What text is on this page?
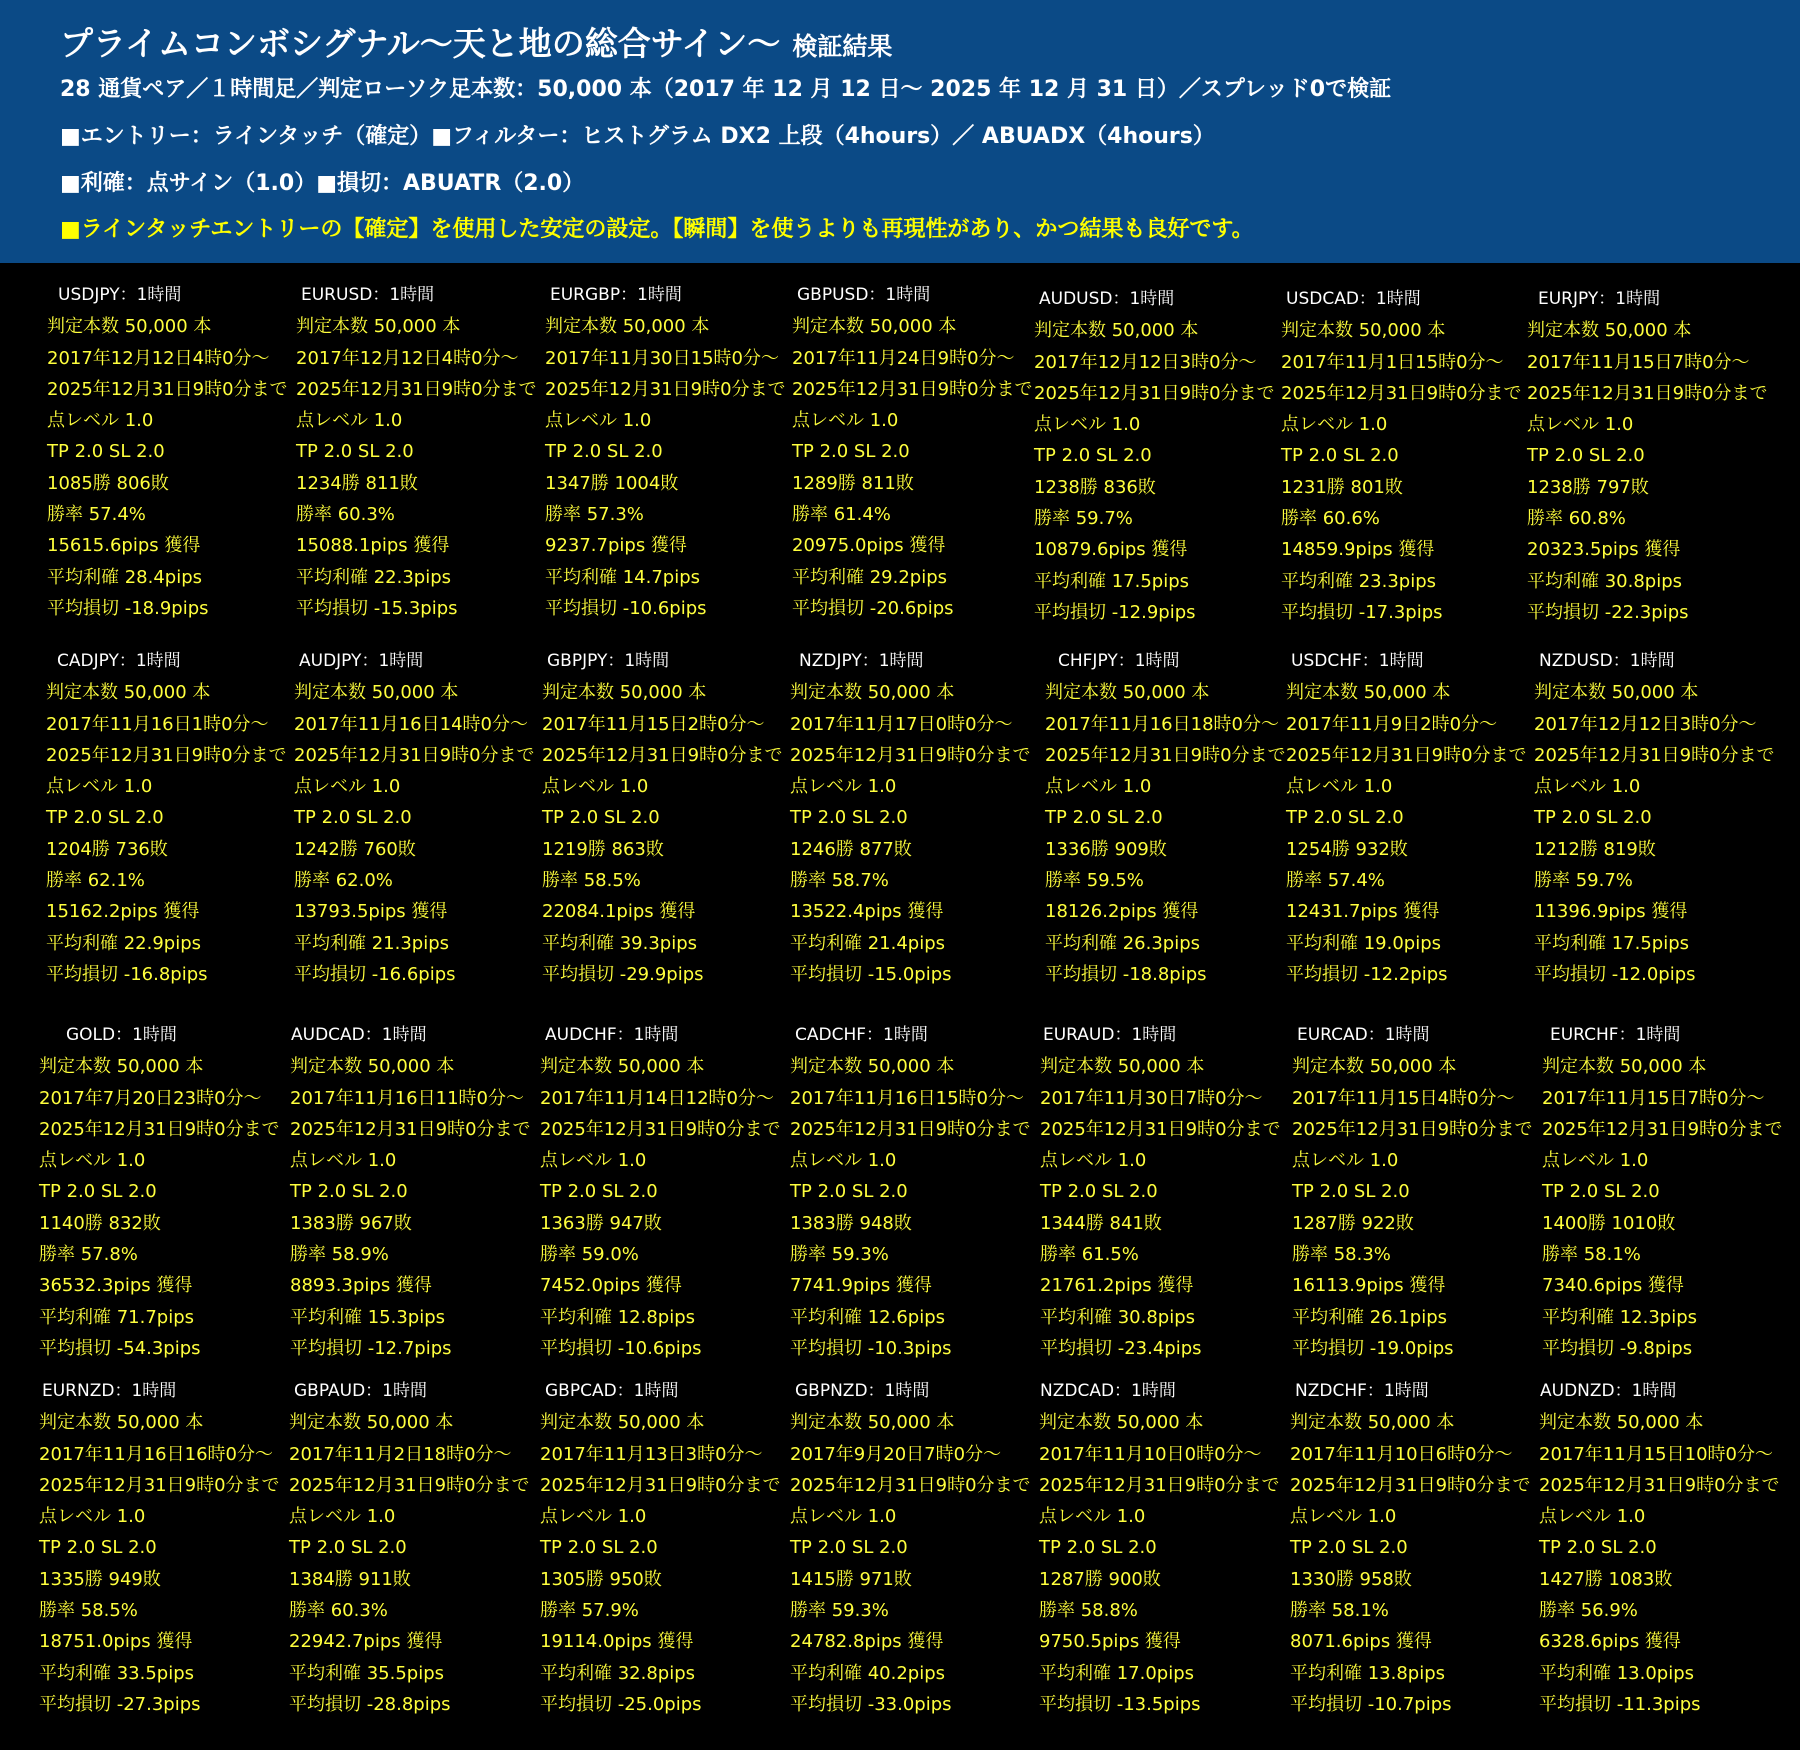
プライムコンボシグナル〜天と地の総合サイン〜 検証結果
28 通貨ペア／１時間足／判定ローソク足本数：50,000 本（2017 年 12 月 12 日〜 2025 年 12 月 31 日）／スプレッド0で検証
■エントリー：ラインタッチ（確定）■フィルター：ヒストグラム DX2 上段（4hours）／ ABUADX（4hours）
■利確：点サイン（1.0）■損切：ABUATR（2.0）
■ラインタッチエントリーの【確定】を使用した安定の設定。【瞬間】を使うよりも再現性があり、かつ結果も良好です。
USDJPY：1時間
判定本数 50,000 本
2017年12月12日4時0分〜
2025年12月31日9時0分まで
点レベル 1.0
TP 2.0 SL 2.0
1085勝 806敗
勝率 57.4%
15615.6pips 獲得
平均利確 28.4pips
平均損切 -18.9pips
EURUSD：1時間
判定本数 50,000 本
2017年12月12日4時0分〜
2025年12月31日9時0分まで
点レベル 1.0
TP 2.0 SL 2.0
1234勝 811敗
勝率 60.3%
15088.1pips 獲得
平均利確 22.3pips
平均損切 -15.3pips
EURGBP：1時間
判定本数 50,000 本
2017年11月30日15時0分〜
2025年12月31日9時0分まで
点レベル 1.0
TP 2.0 SL 2.0
1347勝 1004敗
勝率 57.3%
9237.7pips 獲得
平均利確 14.7pips
平均損切 -10.6pips
GBPUSD：1時間
判定本数 50,000 本
2017年11月24日9時0分〜
2025年12月31日9時0分まで
点レベル 1.0
TP 2.0 SL 2.0
1289勝 811敗
勝率 61.4%
20975.0pips 獲得
平均利確 29.2pips
平均損切 -20.6pips
AUDUSD：1時間
判定本数 50,000 本
2017年12月12日3時0分〜
2025年12月31日9時0分まで
点レベル 1.0
TP 2.0 SL 2.0
1238勝 836敗
勝率 59.7%
10879.6pips 獲得
平均利確 17.5pips
平均損切 -12.9pips
USDCAD：1時間
判定本数 50,000 本
2017年11月1日15時0分〜
2025年12月31日9時0分まで
点レベル 1.0
TP 2.0 SL 2.0
1231勝 801敗
勝率 60.6%
14859.9pips 獲得
平均利確 23.3pips
平均損切 -17.3pips
EURJPY：1時間
判定本数 50,000 本
2017年11月15日7時0分〜
2025年12月31日9時0分まで
点レベル 1.0
TP 2.0 SL 2.0
1238勝 797敗
勝率 60.8%
20323.5pips 獲得
平均利確 30.8pips
平均損切 -22.3pips
CADJPY：1時間
判定本数 50,000 本
2017年11月16日1時0分〜
2025年12月31日9時0分まで
点レベル 1.0
TP 2.0 SL 2.0
1204勝 736敗
勝率 62.1%
15162.2pips 獲得
平均利確 22.9pips
平均損切 -16.8pips
AUDJPY：1時間
判定本数 50,000 本
2017年11月16日14時0分〜
2025年12月31日9時0分まで
点レベル 1.0
TP 2.0 SL 2.0
1242勝 760敗
勝率 62.0%
13793.5pips 獲得
平均利確 21.3pips
平均損切 -16.6pips
GBPJPY：1時間
判定本数 50,000 本
2017年11月15日2時0分〜
2025年12月31日9時0分まで
点レベル 1.0
TP 2.0 SL 2.0
1219勝 863敗
勝率 58.5%
22084.1pips 獲得
平均利確 39.3pips
平均損切 -29.9pips
NZDJPY：1時間
判定本数 50,000 本
2017年11月17日0時0分〜
2025年12月31日9時0分まで
点レベル 1.0
TP 2.0 SL 2.0
1246勝 877敗
勝率 58.7%
13522.4pips 獲得
平均利確 21.4pips
平均損切 -15.0pips
CHFJPY：1時間
判定本数 50,000 本
2017年11月16日18時0分〜
2025年12月31日9時0分まで
点レベル 1.0
TP 2.0 SL 2.0
1336勝 909敗
勝率 59.5%
18126.2pips 獲得
平均利確 26.3pips
平均損切 -18.8pips
USDCHF：1時間
判定本数 50,000 本
2017年11月9日2時0分〜
2025年12月31日9時0分まで
点レベル 1.0
TP 2.0 SL 2.0
1254勝 932敗
勝率 57.4%
12431.7pips 獲得
平均利確 19.0pips
平均損切 -12.2pips
NZDUSD：1時間
判定本数 50,000 本
2017年12月12日3時0分〜
2025年12月31日9時0分まで
点レベル 1.0
TP 2.0 SL 2.0
1212勝 819敗
勝率 59.7%
11396.9pips 獲得
平均利確 17.5pips
平均損切 -12.0pips
GOLD：1時間
判定本数 50,000 本
2017年7月20日23時0分〜
2025年12月31日9時0分まで
点レベル 1.0
TP 2.0 SL 2.0
1140勝 832敗
勝率 57.8%
36532.3pips 獲得
平均利確 71.7pips
平均損切 -54.3pips
AUDCAD：1時間
判定本数 50,000 本
2017年11月16日11時0分〜
2025年12月31日9時0分まで
点レベル 1.0
TP 2.0 SL 2.0
1383勝 967敗
勝率 58.9%
8893.3pips 獲得
平均利確 15.3pips
平均損切 -12.7pips
AUDCHF：1時間
判定本数 50,000 本
2017年11月14日12時0分〜
2025年12月31日9時0分まで
点レベル 1.0
TP 2.0 SL 2.0
1363勝 947敗
勝率 59.0%
7452.0pips 獲得
平均利確 12.8pips
平均損切 -10.6pips
CADCHF：1時間
判定本数 50,000 本
2017年11月16日15時0分〜
2025年12月31日9時0分まで
点レベル 1.0
TP 2.0 SL 2.0
1383勝 948敗
勝率 59.3%
7741.9pips 獲得
平均利確 12.6pips
平均損切 -10.3pips
EURAUD：1時間
判定本数 50,000 本
2017年11月30日7時0分〜
2025年12月31日9時0分まで
点レベル 1.0
TP 2.0 SL 2.0
1344勝 841敗
勝率 61.5%
21761.2pips 獲得
平均利確 30.8pips
平均損切 -23.4pips
EURCAD：1時間
判定本数 50,000 本
2017年11月15日4時0分〜
2025年12月31日9時0分まで
点レベル 1.0
TP 2.0 SL 2.0
1287勝 922敗
勝率 58.3%
16113.9pips 獲得
平均利確 26.1pips
平均損切 -19.0pips
EURCHF：1時間
判定本数 50,000 本
2017年11月15日7時0分〜
2025年12月31日9時0分まで
点レベル 1.0
TP 2.0 SL 2.0
1400勝 1010敗
勝率 58.1%
7340.6pips 獲得
平均利確 12.3pips
平均損切 -9.8pips
EURNZD：1時間
判定本数 50,000 本
2017年11月16日16時0分〜
2025年12月31日9時0分まで
点レベル 1.0
TP 2.0 SL 2.0
1335勝 949敗
勝率 58.5%
18751.0pips 獲得
平均利確 33.5pips
平均損切 -27.3pips
GBPAUD：1時間
判定本数 50,000 本
2017年11月2日18時0分〜
2025年12月31日9時0分まで
点レベル 1.0
TP 2.0 SL 2.0
1384勝 911敗
勝率 60.3%
22942.7pips 獲得
平均利確 35.5pips
平均損切 -28.8pips
GBPCAD：1時間
判定本数 50,000 本
2017年11月13日3時0分〜
2025年12月31日9時0分まで
点レベル 1.0
TP 2.0 SL 2.0
1305勝 950敗
勝率 57.9%
19114.0pips 獲得
平均利確 32.8pips
平均損切 -25.0pips
GBPNZD：1時間
判定本数 50,000 本
2017年9月20日7時0分〜
2025年12月31日9時0分まで
点レベル 1.0
TP 2.0 SL 2.0
1415勝 971敗
勝率 59.3%
24782.8pips 獲得
平均利確 40.2pips
平均損切 -33.0pips
NZDCAD：1時間
判定本数 50,000 本
2017年11月10日0時0分〜
2025年12月31日9時0分まで
点レベル 1.0
TP 2.0 SL 2.0
1287勝 900敗
勝率 58.8%
9750.5pips 獲得
平均利確 17.0pips
平均損切 -13.5pips
NZDCHF：1時間
判定本数 50,000 本
2017年11月10日6時0分〜
2025年12月31日9時0分まで
点レベル 1.0
TP 2.0 SL 2.0
1330勝 958敗
勝率 58.1%
8071.6pips 獲得
平均利確 13.8pips
平均損切 -10.7pips
AUDNZD：1時間
判定本数 50,000 本
2017年11月15日10時0分〜
2025年12月31日9時0分まで
点レベル 1.0
TP 2.0 SL 2.0
1427勝 1083敗
勝率 56.9%
6328.6pips 獲得
平均利確 13.0pips
平均損切 -11.3pips
